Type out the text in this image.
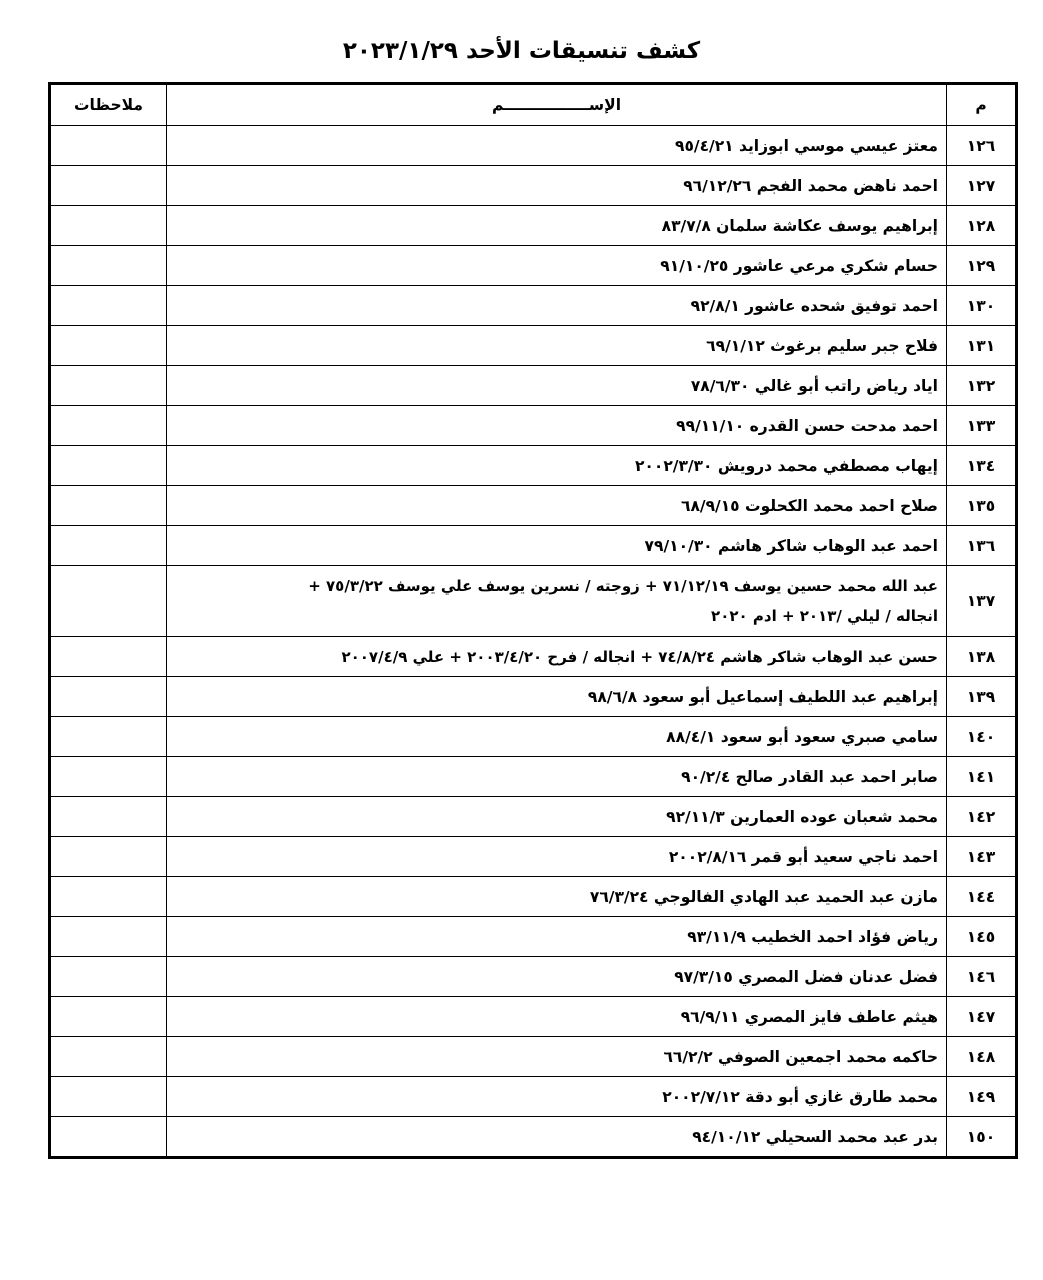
كشف تنسيقات الأحد ٢٠٢٣/١/٢٩
م	الإســــــــــــــــم	ملاحظات
١٢٦	معتز عيسي موسي ابوزايد ٩٥/٤/٢١	
١٢٧	احمد ناهض محمد الفجم ٩٦/١٢/٢٦	
١٢٨	إبراهيم يوسف عكاشة سلمان ٨٣/٧/٨	
١٢٩	حسام شكري مرعي عاشور ٩١/١٠/٢٥	
١٣٠	احمد توفيق شحده عاشور ٩٢/٨/١	
١٣١	فلاح جبر سليم برغوث ٦٩/١/١٢	
١٣٢	اياد رياض راتب أبو غالي ٧٨/٦/٣٠	
١٣٣	احمد مدحت حسن القدره ٩٩/١١/١٠	
١٣٤	إيهاب مصطفي محمد درويش ٢٠٠٢/٣/٣٠	
١٣٥	صلاح احمد محمد الكحلوت ٦٨/٩/١٥	
١٣٦	احمد عبد الوهاب شاكر هاشم ٧٩/١٠/٣٠	
١٣٧	عبد الله محمد حسين يوسف ٧١/١٢/١٩ + زوجته / نسرين يوسف علي يوسف ٧٥/٣/٢٢ +
انجاله / ليلي /٢٠١٣ + ادم ٢٠٢٠	

١٣٨	حسن عبد الوهاب شاكر هاشم ٧٤/٨/٢٤ + انجاله / فرح ٢٠٠٣/٤/٢٠ + علي ٢٠٠٧/٤/٩	
١٣٩	إبراهيم عبد اللطيف إسماعيل أبو سعود ٩٨/٦/٨	
١٤٠	سامي صبري سعود أبو سعود ٨٨/٤/١	
١٤١	صابر احمد عبد القادر صالح ٩٠/٢/٤	
١٤٢	محمد شعبان عوده العمارين ٩٢/١١/٣	
١٤٣	احمد ناجي سعيد أبو قمر ٢٠٠٢/٨/١٦	
١٤٤	مازن عبد الحميد عبد الهادي الفالوجي ٧٦/٣/٢٤	
١٤٥	رياض فؤاد احمد الخطيب ٩٣/١١/٩	
١٤٦	فضل عدنان فضل المصري ٩٧/٣/١٥	
١٤٧	هيثم عاطف فايز المصري ٩٦/٩/١١	
١٤٨	حاكمه محمد اجمعين الصوفي ٦٦/٢/٢	
١٤٩	محمد طارق غازي أبو دقة ٢٠٠٢/٧/١٢	
١٥٠	بدر عبد محمد السحيلي ٩٤/١٠/١٢	
